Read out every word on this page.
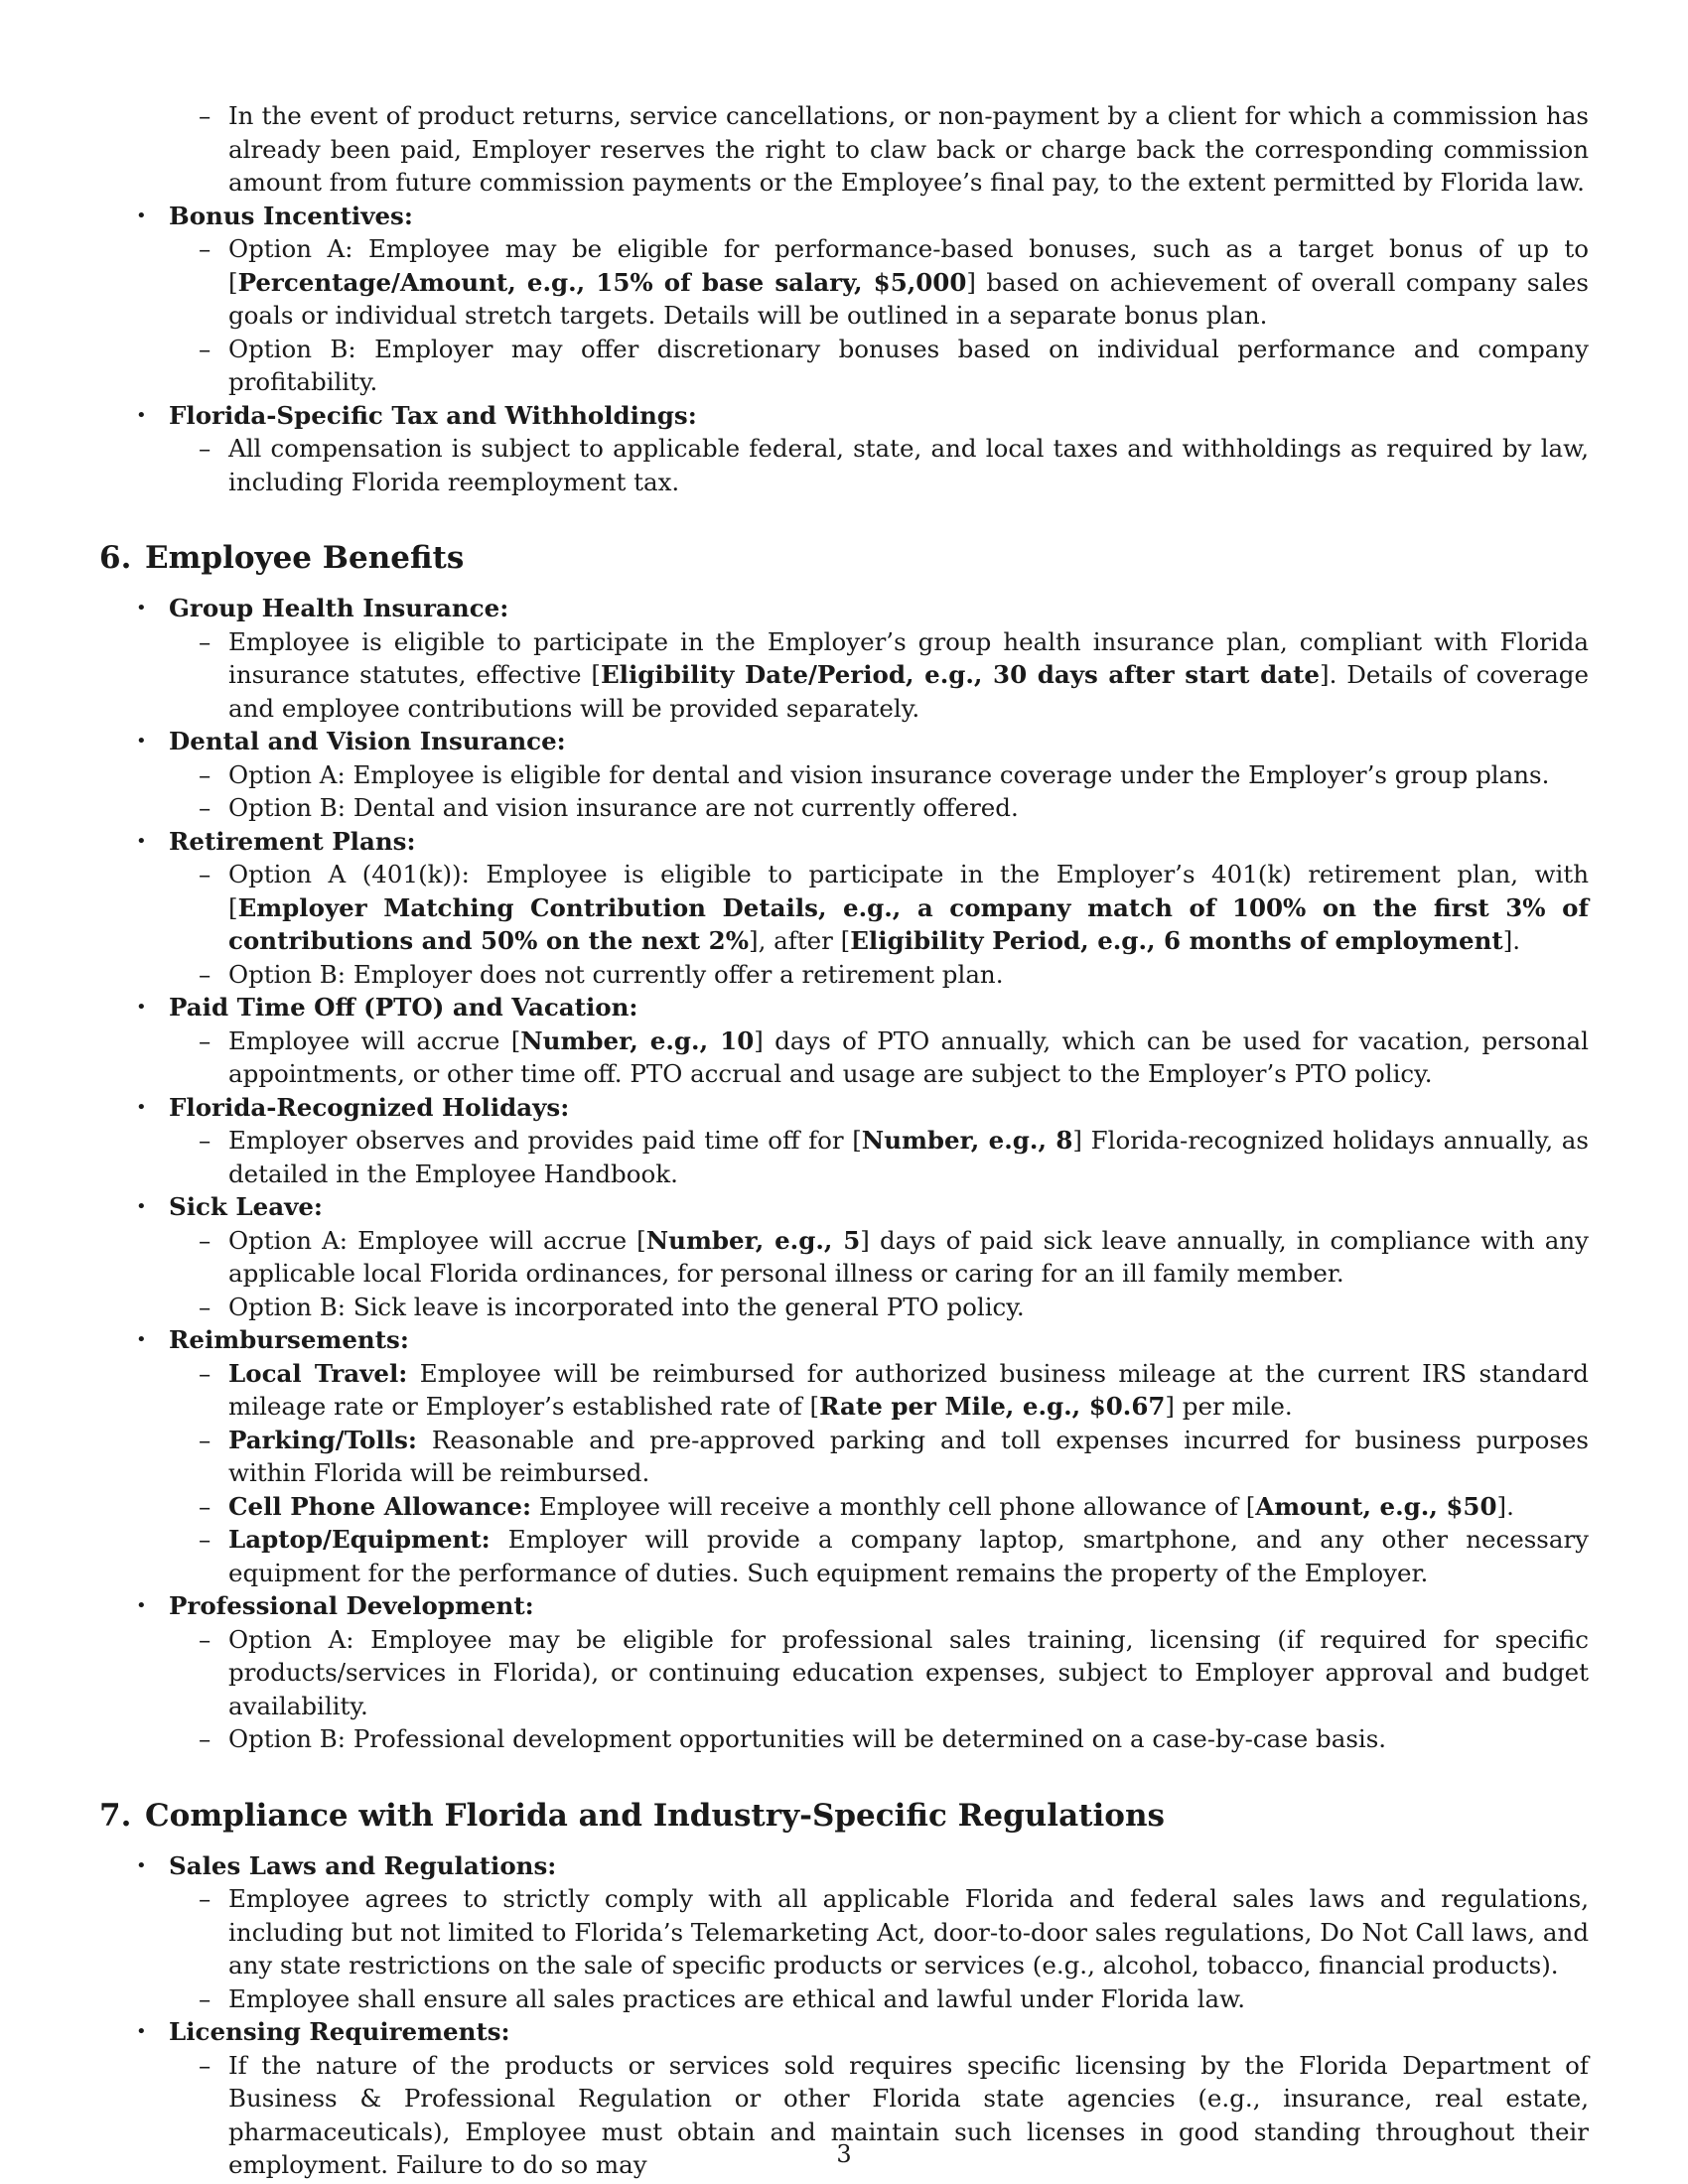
– In the event of product returns, service cancellations, or non-payment by a client for which a commission has already been paid, Employer reserves the right to claw back or charge back the corresponding commission amount from future commission payments or the Employee’s final pay, to the extent permitted by Florida law.
• Bonus Incentives:
– Option A: Employee may be eligible for performance-based bonuses, such as a target bonus of up to [Percentage/Amount, e.g., 15% of base salary, $5,000] based on achievement of overall company sales goals or individual stretch targets. Details will be outlined in a separate bonus plan.
– Option B: Employer may offer discretionary bonuses based on individual performance and company profitability.
• Florida-Specific Tax and Withholdings:
– All compensation is subject to applicable federal, state, and local taxes and withholdings as required by law, including Florida reemployment tax.
6. Employee Benefits
• Group Health Insurance:
– Employee is eligible to participate in the Employer’s group health insurance plan, compliant with Florida insurance statutes, effective [Eligibility Date/Period, e.g., 30 days after start date]. Details of coverage and employee contributions will be provided separately.
• Dental and Vision Insurance:
– Option A: Employee is eligible for dental and vision insurance coverage under the Employer’s group plans.
– Option B: Dental and vision insurance are not currently offered.
• Retirement Plans:
– Option A (401(k)): Employee is eligible to participate in the Employer’s 401(k) retirement plan, with [Employer Matching Contribution Details, e.g., a company match of 100% on the first 3% of contributions and 50% on the next 2%], after [Eligibility Period, e.g., 6 months of employment].
– Option B: Employer does not currently offer a retirement plan.
• Paid Time Off (PTO) and Vacation:
– Employee will accrue [Number, e.g., 10] days of PTO annually, which can be used for vacation, personal appointments, or other time off. PTO accrual and usage are subject to the Employer’s PTO policy.
• Florida-Recognized Holidays:
– Employer observes and provides paid time off for [Number, e.g., 8] Florida-recognized holidays annually, as detailed in the Employee Handbook.
• Sick Leave:
– Option A: Employee will accrue [Number, e.g., 5] days of paid sick leave annually, in compliance with any applicable local Florida ordinances, for personal illness or caring for an ill family member.
– Option B: Sick leave is incorporated into the general PTO policy.
• Reimbursements:
– Local Travel: Employee will be reimbursed for authorized business mileage at the current IRS standard mileage rate or Employer’s established rate of [Rate per Mile, e.g., $0.67] per mile.
– Parking/Tolls: Reasonable and pre-approved parking and toll expenses incurred for business purposes within Florida will be reimbursed.
– Cell Phone Allowance: Employee will receive a monthly cell phone allowance of [Amount, e.g., $50].
– Laptop/Equipment: Employer will provide a company laptop, smartphone, and any other necessary equipment for the performance of duties. Such equipment remains the property of the Employer.
• Professional Development:
– Option A: Employee may be eligible for professional sales training, licensing (if required for specific products/services in Florida), or continuing education expenses, subject to Employer approval and budget availability.
– Option B: Professional development opportunities will be determined on a case-by-case basis.
7. Compliance with Florida and Industry-Specific Regulations
• Sales Laws and Regulations:
– Employee agrees to strictly comply with all applicable Florida and federal sales laws and regulations, including but not limited to Florida’s Telemarketing Act, door-to-door sales regulations, Do Not Call laws, and any state restrictions on the sale of specific products or services (e.g., alcohol, tobacco, financial products).
– Employee shall ensure all sales practices are ethical and lawful under Florida law.
• Licensing Requirements:
– If the nature of the products or services sold requires specific licensing by the Florida Department of Business & Professional Regulation or other Florida state agencies (e.g., insurance, real estate, pharmaceuticals), Employee must obtain and maintain such licenses in good standing throughout their employment. Failure to do so may	3
